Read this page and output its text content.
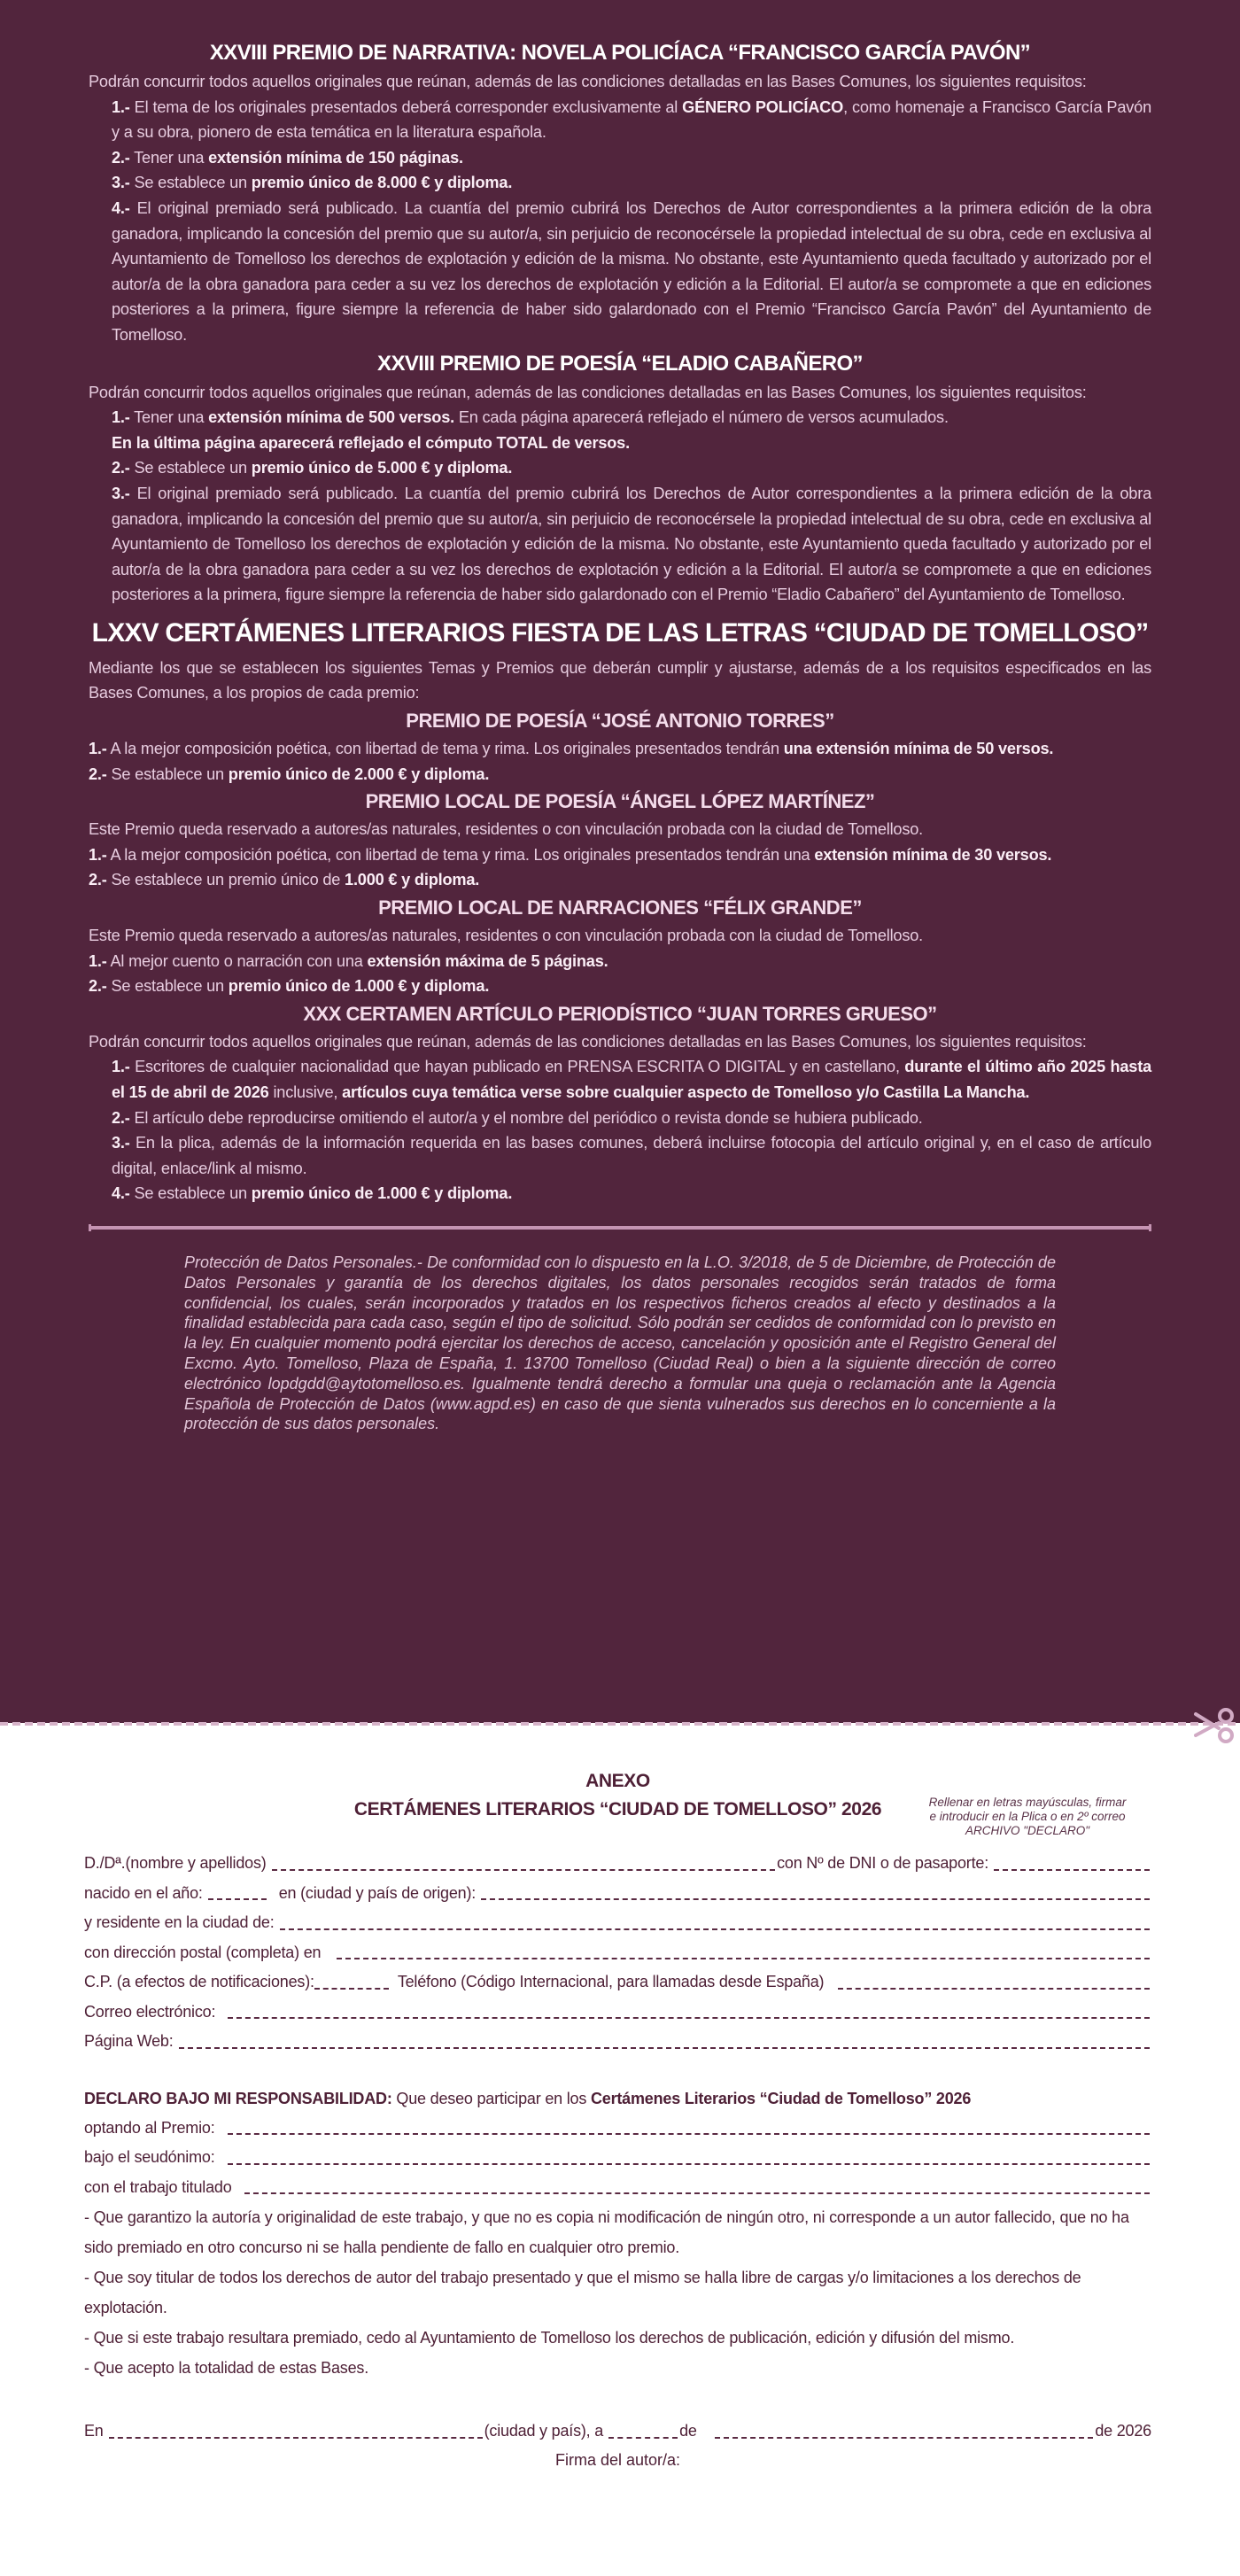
XXVIII PREMIO DE NARRATIVA: NOVELA POLICÍACA “FRANCISCO GARCÍA PAVÓN”

Podrán concurrir todos aquellos originales que reúnan, además de las condiciones detalladas en las Bases Comunes, los siguientes requisitos:

1.- El tema de los originales presentados deberá corresponder exclusivamente al GÉNERO POLICÍACO, como homenaje a Francisco García Pavón y a su obra, pionero de esta temática en la literatura española.

2.- Tener una extensión mínima de 150 páginas.

3.- Se establece un premio único de 8.000 € y diploma.

4.- El original premiado será publicado. La cuantía del premio cubrirá los Derechos de Autor correspondientes a la primera edición de la obra ganadora, implicando la concesión del premio que su autor/a, sin perjuicio de reconocérsele la propiedad intelectual de su obra, cede en exclusiva al Ayuntamiento de Tomelloso los derechos de explotación y edición de la misma. No obstante, este Ayuntamiento queda facultado y autorizado por el autor/a de la obra ganadora para ceder a su vez los derechos de explotación y edición a la Editorial. El autor/a se compromete a que en ediciones posteriores a la primera, figure siempre la referencia de haber sido galardonado con el Premio “Francisco García Pavón” del Ayuntamiento de Tomelloso.

XXVIII PREMIO DE POESÍA “ELADIO CABAÑERO”

Podrán concurrir todos aquellos originales que reúnan, además de las condiciones detalladas en las Bases Comunes, los siguientes requisitos:

1.- Tener una extensión mínima de 500 versos. En cada página aparecerá reflejado el número de versos acumulados.

En la última página aparecerá reflejado el cómputo TOTAL de versos.

2.- Se establece un premio único de 5.000 € y diploma.

3.- El original premiado será publicado. La cuantía del premio cubrirá los Derechos de Autor correspondientes a la primera edición de la obra ganadora, implicando la concesión del premio que su autor/a, sin perjuicio de reconocérsele la propiedad intelectual de su obra, cede en exclusiva al Ayuntamiento de Tomelloso los derechos de explotación y edición de la misma. No obstante, este Ayuntamiento queda facultado y autorizado por el autor/a de la obra ganadora para ceder a su vez los derechos de explotación y edición a la Editorial. El autor/a se compromete a que en ediciones posteriores a la primera, figure siempre la referencia de haber sido galardonado con el Premio “Eladio Cabañero” del Ayuntamiento de Tomelloso.

LXXV CERTÁMENES LITERARIOS FIESTA DE LAS LETRAS “CIUDAD DE TOMELLOSO”

Mediante los que se establecen los siguientes Temas y Premios que deberán cumplir y ajustarse, además de a los requisitos especificados en las Bases Comunes, a los propios de cada premio:

PREMIO DE POESÍA “JOSÉ ANTONIO TORRES”

1.- A la mejor composición poética, con libertad de tema y rima. Los originales presentados tendrán una extensión mínima de 50 versos.

2.- Se establece un premio único de 2.000 € y diploma.

PREMIO LOCAL DE POESÍA “ÁNGEL LÓPEZ MARTÍNEZ”

Este Premio queda reservado a autores/as naturales, residentes o con vinculación probada con la ciudad de Tomelloso.

1.- A la mejor composición poética, con libertad de tema y rima. Los originales presentados tendrán una extensión mínima de 30 versos.

2.- Se establece un premio único de 1.000 € y diploma.

PREMIO LOCAL DE NARRACIONES “FÉLIX GRANDE”

Este Premio queda reservado a autores/as naturales, residentes o con vinculación probada con la ciudad de Tomelloso.

1.- Al mejor cuento o narración con una extensión máxima de 5 páginas.

2.- Se establece un premio único de 1.000 € y diploma.

XXX CERTAMEN ARTÍCULO PERIODÍSTICO “JUAN TORRES GRUESO”

Podrán concurrir todos aquellos originales que reúnan, además de las condiciones detalladas en las Bases Comunes, los siguientes requisitos:

1.- Escritores de cualquier nacionalidad que hayan publicado en PRENSA ESCRITA O DIGITAL y en castellano, durante el último año 2025 hasta el 15 de abril de 2026 inclusive, artículos cuya temática verse sobre cualquier aspecto de Tomelloso y/o Castilla La Mancha.

2.- El artículo debe reproducirse omitiendo el autor/a y el nombre del periódico o revista donde se hubiera publicado.

3.- En la plica, además de la información requerida en las bases comunes, deberá incluirse fotocopia del artículo original y, en el caso de artículo digital, enlace/link al mismo.

4.- Se establece un premio único de 1.000 € y diploma.

Protección de Datos Personales.- De conformidad con lo dispuesto en la L.O. 3/2018, de 5 de Diciembre, de Protección de Datos Personales y garantía de los derechos digitales, los datos personales recogidos serán tratados de forma confidencial, los cuales, serán incorporados y tratados en los respectivos ficheros creados al efecto y destinados a la finalidad establecida para cada caso, según el tipo de solicitud. Sólo podrán ser cedidos de conformidad con lo previsto en la ley. En cualquier momento podrá ejercitar los derechos de acceso, cancelación y oposición ante el Registro General del Excmo. Ayto. Tomelloso, Plaza de España, 1. 13700 Tomelloso (Ciudad Real) o bien a la siguiente dirección de correo electrónico lopdgdd@aytotomelloso.es. Igualmente tendrá derecho a formular una queja o reclamación ante la Agencia Española de Protección de Datos (www.agpd.es) en caso de que sienta vulnerados sus derechos en lo concerniente a la protección de sus datos personales.
ANEXO
CERTÁMENES LITERARIOS “CIUDAD DE TOMELLOSO” 2026	Rellenar en letras mayúsculas, firmar
e introducir en la Plica o en 2º correo
ARCHIVO "DECLARO"
D./Dª.(nombre y apellidos)	con Nº de DNI o de pasaporte:
nacido en el año:	en (ciudad y país de origen):
y residente en la ciudad de:
con dirección postal (completa) en
C.P. (a efectos de notificaciones):	Teléfono (Código Internacional, para llamadas desde España)
Correo electrónico:
Página Web:
DECLARO BAJO MI RESPONSABILIDAD: Que deseo participar en los Certámenes Literarios “Ciudad de Tomelloso” 2026
optando al Premio:
bajo el seudónimo:
con el trabajo titulado
- Que garantizo la autoría y originalidad de este trabajo, y que no es copia ni modificación de ningún otro, ni corresponde a un autor fallecido, que no ha sido premiado en otro concurso ni se halla pendiente de fallo en cualquier otro premio.
- Que soy titular de todos los derechos de autor del trabajo presentado y que el mismo se halla libre de cargas y/o limitaciones a los derechos de explotación.
- Que si este trabajo resultara premiado, cedo al Ayuntamiento de Tomelloso los derechos de publicación, edición y difusión del mismo.
- Que acepto la totalidad de estas Bases.
En	(ciudad y país), a	de	de 2026
Firma del autor/a:
